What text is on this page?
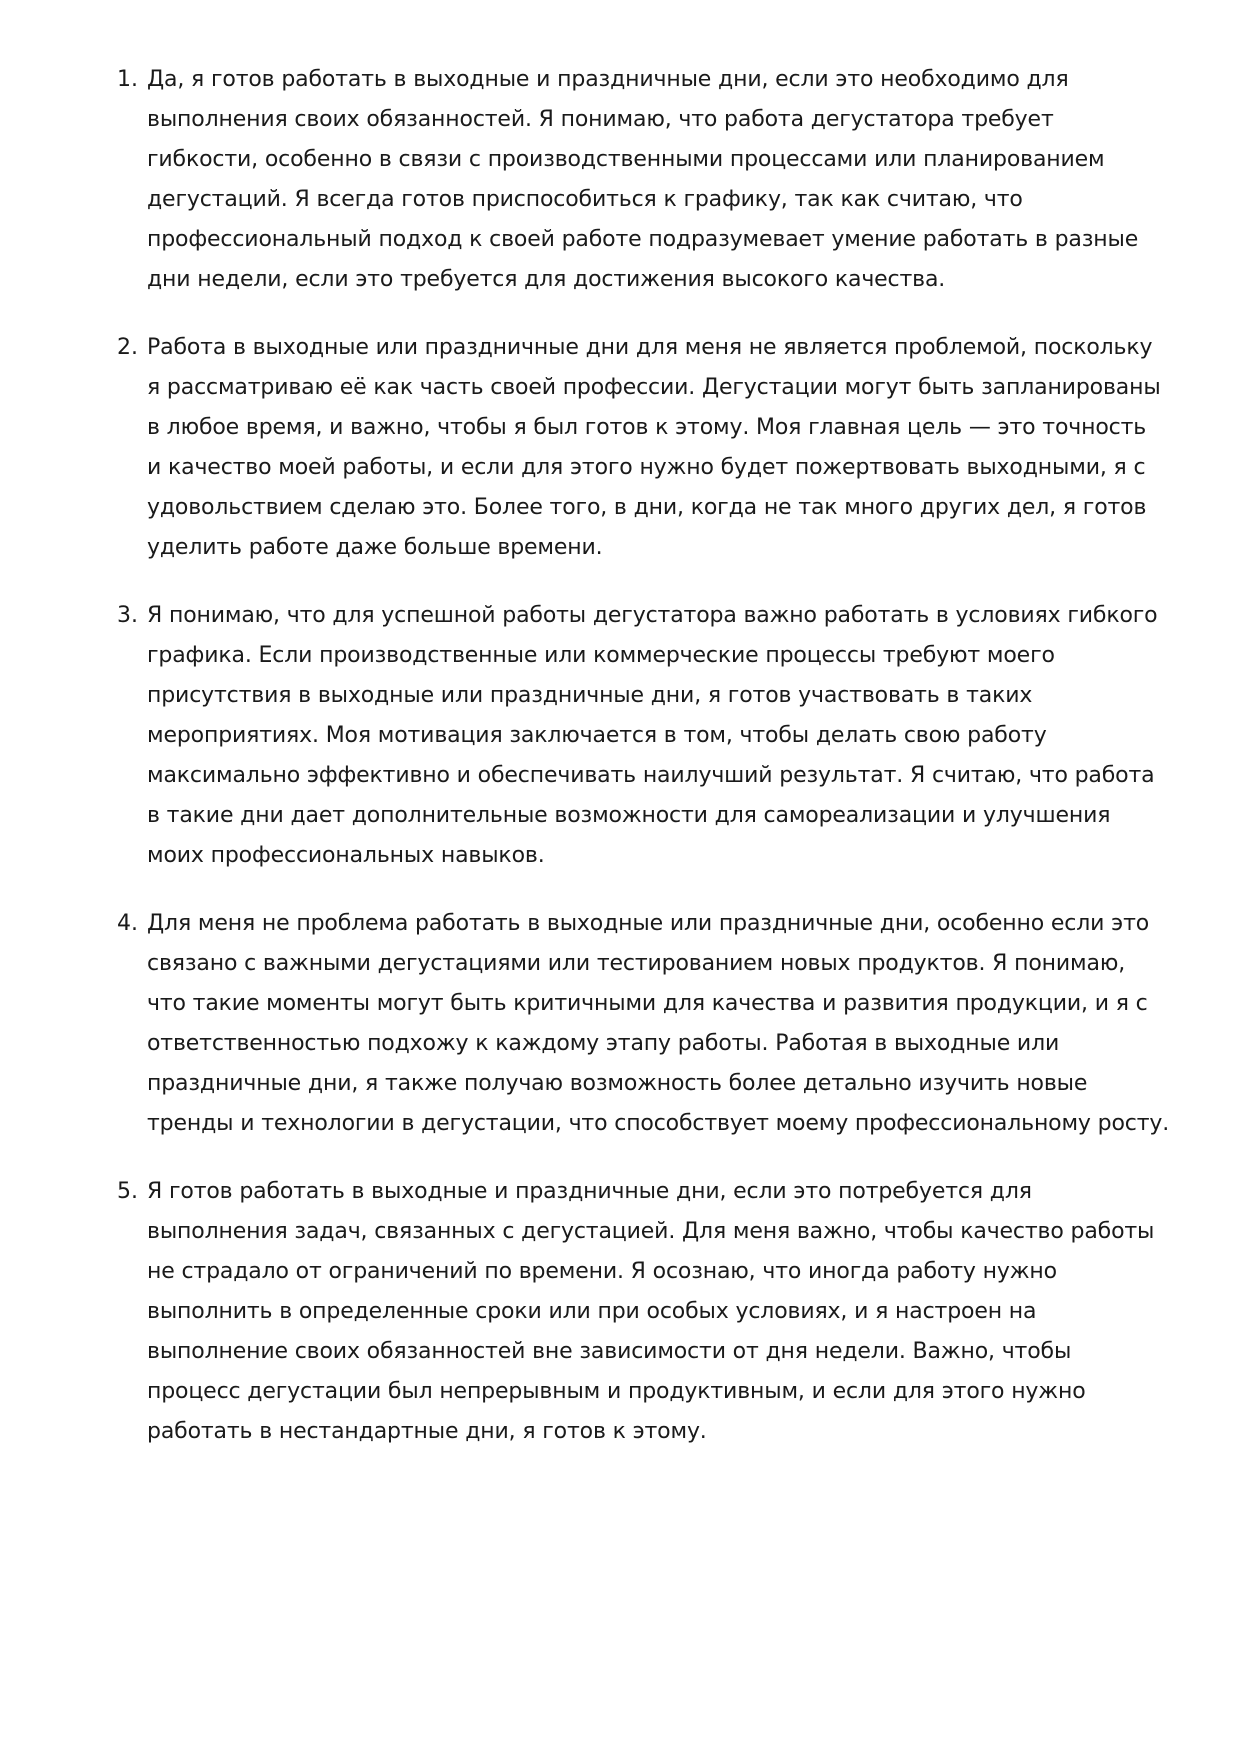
1. Да, я готов работать в выходные и праздничные дни, если это необходимо для
выполнения своих обязанностей. Я понимаю, что работа дегустатора требует
гибкости, особенно в связи с производственными процессами или планированием
дегустаций. Я всегда готов приспособиться к графику, так как считаю, что
профессиональный подход к своей работе подразумевает умение работать в разные
дни недели, если это требуется для достижения высокого качества.

2. Работа в выходные или праздничные дни для меня не является проблемой, поскольку
я рассматриваю её как часть своей профессии. Дегустации могут быть запланированы
в любое время, и важно, чтобы я был готов к этому. Моя главная цель — это точность
и качество моей работы, и если для этого нужно будет пожертвовать выходными, я с
удовольствием сделаю это. Более того, в дни, когда не так много других дел, я готов
уделить работе даже больше времени.

3. Я понимаю, что для успешной работы дегустатора важно работать в условиях гибкого
графика. Если производственные или коммерческие процессы требуют моего
присутствия в выходные или праздничные дни, я готов участвовать в таких
мероприятиях. Моя мотивация заключается в том, чтобы делать свою работу
максимально эффективно и обеспечивать наилучший результат. Я считаю, что работа
в такие дни дает дополнительные возможности для самореализации и улучшения
моих профессиональных навыков.

4. Для меня не проблема работать в выходные или праздничные дни, особенно если это
связано с важными дегустациями или тестированием новых продуктов. Я понимаю,
что такие моменты могут быть критичными для качества и развития продукции, и я с
ответственностью подхожу к каждому этапу работы. Работая в выходные или
праздничные дни, я также получаю возможность более детально изучить новые
тренды и технологии в дегустации, что способствует моему профессиональному росту.

5. Я готов работать в выходные и праздничные дни, если это потребуется для
выполнения задач, связанных с дегустацией. Для меня важно, чтобы качество работы
не страдало от ограничений по времени. Я осознаю, что иногда работу нужно
выполнить в определенные сроки или при особых условиях, и я настроен на
выполнение своих обязанностей вне зависимости от дня недели. Важно, чтобы
процесс дегустации был непрерывным и продуктивным, и если для этого нужно
работать в нестандартные дни, я готов к этому.
